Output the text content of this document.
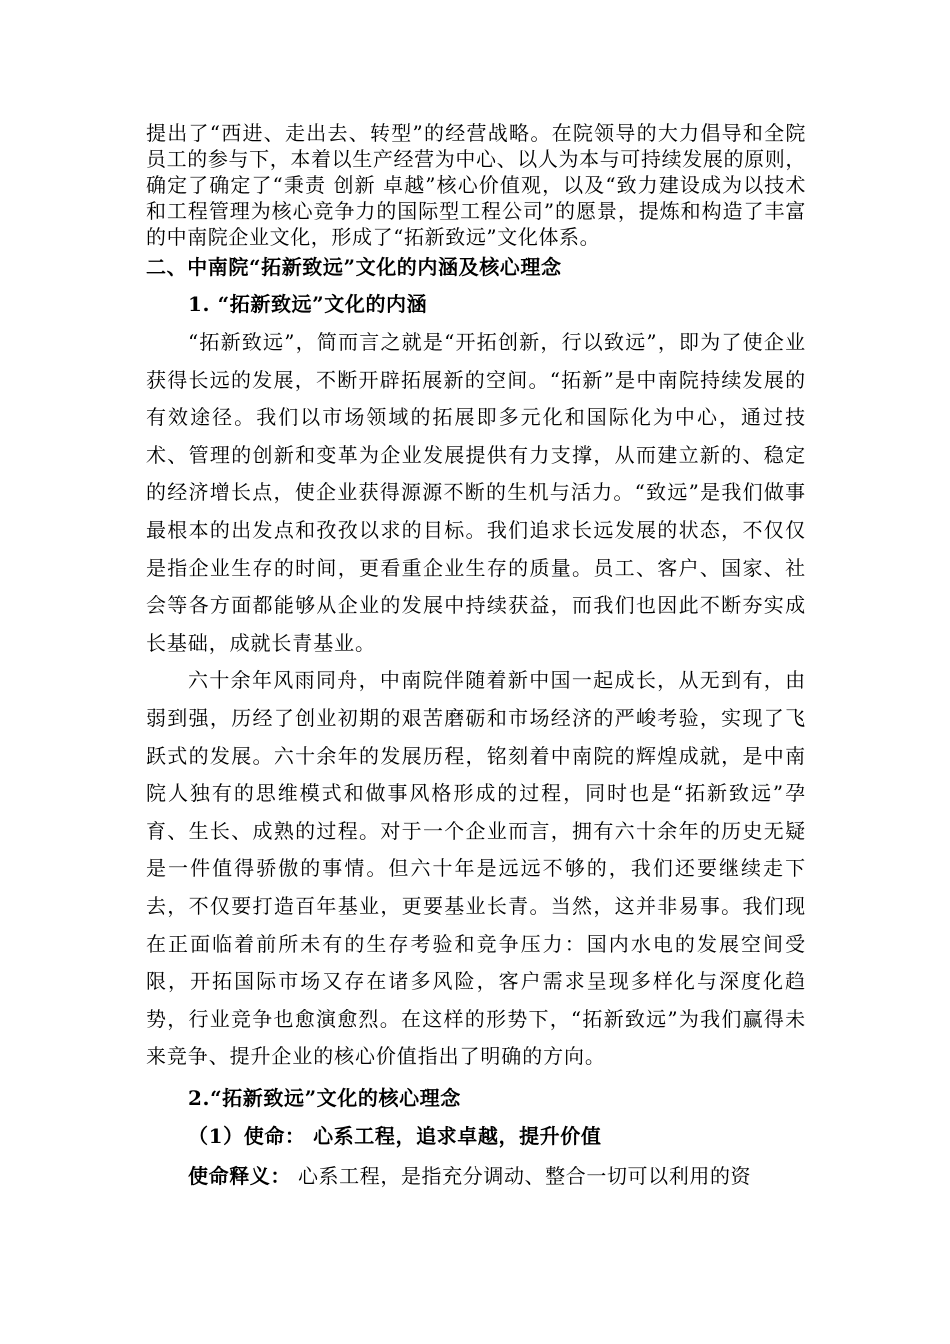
提出了“西进、走出去、转型”的经营战略。在院领导的大力倡导和全院员工的参与下，本着以生产经营为中心、以人为本与可持续发展的原则，确定了确定了“秉责 创新 卓越”核心价值观，以及“致力建设成为以技术和工程管理为核心竞争力的国际型工程公司”的愿景，提炼和构造了丰富的中南院企业文化，形成了“拓新致远”文化体系。

二、中南院“拓新致远”文化的内涵及核心理念
1. “拓新致远”文化的内涵

“拓新致远”，简而言之就是“开拓创新，行以致远”，即为了使企业获得长远的发展，不断开辟拓展新的空间。“拓新”是中南院持续发展的有效途径。我们以市场领域的拓展即多元化和国际化为中心，通过技术、管理的创新和变革为企业发展提供有力支撑，从而建立新的、稳定的经济增长点，使企业获得源源不断的生机与活力。“致远”是我们做事最根本的出发点和孜孜以求的目标。我们追求长远发展的状态，不仅仅是指企业生存的时间，更看重企业生存的质量。员工、客户、国家、社会等各方面都能够从企业的发展中持续获益，而我们也因此不断夯实成长基础，成就长青基业。

六十余年风雨同舟，中南院伴随着新中国一起成长，从无到有，由弱到强，历经了创业初期的艰苦磨砺和市场经济的严峻考验，实现了飞跃式的发展。六十余年的发展历程，铭刻着中南院的辉煌成就，是中南院人独有的思维模式和做事风格形成的过程，同时也是“拓新致远”孕育、生长、成熟的过程。对于一个企业而言，拥有六十余年的历史无疑是一件值得骄傲的事情。但六十年是远远不够的，我们还要继续走下去，不仅要打造百年基业，更要基业长青。当然，这并非易事。我们现在正面临着前所未有的生存考验和竞争压力：国内水电的发展空间受限，开拓国际市场又存在诸多风险，客户需求呈现多样化与深度化趋势，行业竞争也愈演愈烈。在这样的形势下，“拓新致远”为我们赢得未来竞争、提升企业的核心价值指出了明确的方向。

2.“拓新致远”文化的核心理念
（1）使命： 心系工程，追求卓越，提升价值
使命释义： 心系工程，是指充分调动、整合一切可以利用的资
